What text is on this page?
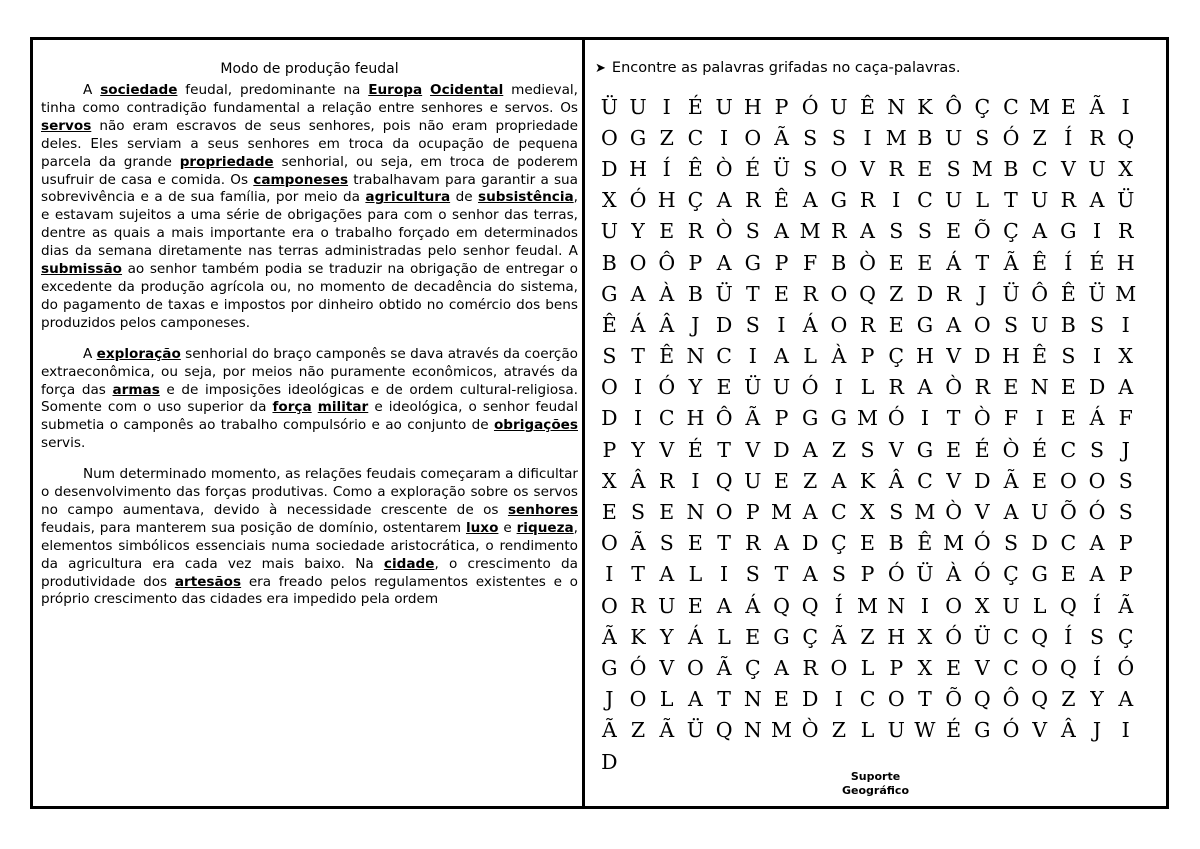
Modo de produção feudal

A sociedade feudal, predominante na Europa Ocidental medieval, tinha como contradição fundamental a relação entre senhores e servos. Os servos não eram escravos de seus senhores, pois não eram propriedade deles. Eles serviam a seus senhores em troca da ocupação de pequena parcela da grande propriedade senhorial, ou seja, em troca de poderem usufruir de casa e comida. Os camponeses trabalhavam para garantir a sua sobrevivência e a de sua família, por meio da agricultura de subsistência, e estavam sujeitos a uma série de obrigações para com o senhor das terras, dentre as quais a mais importante era o trabalho forçado em determinados dias da semana diretamente nas terras administradas pelo senhor feudal. A submissão ao senhor também podia se traduzir na obrigação de entregar o excedente da produção agrícola ou, no momento de decadência do sistema, do pagamento de taxas e impostos por dinheiro obtido no comércio dos bens produzidos pelos camponeses.

A exploração senhorial do braço camponês se dava através da coerção extraeconômica, ou seja, por meios não puramente econômicos, através da força das armas e de imposições ideológicas e de ordem cultural-religiosa. Somente com o uso superior da força militar e ideológica, o senhor feudal submetia o camponês ao trabalho compulsório e ao conjunto de obrigações servis.

Num determinado momento, as relações feudais começaram a dificultar o desenvolvimento das forças produtivas. Como a exploração sobre os servos no campo aumentava, devido à necessidade crescente de os senhores feudais, para manterem sua posição de domínio, ostentarem luxo e riqueza, elementos simbólicos essenciais numa sociedade aristocrática, o rendimento da agricultura era cada vez mais baixo. Na cidade, o crescimento da produtividade dos artesãos era freado pelos regulamentos existentes e o próprio crescimento das cidades era impedido pela ordem

➤ Encontre as palavras grifadas no caça-palavras.
Ü U I É U H P Ó U Ê N K Ô Ç C M E Ã I
O G Z C I O Ã S S I M B U S Ó Z Í R Q
D H Í Ê Ò É Ü S O V R E S M B C V U X
X Ó H Ç A R Ê A G R I C U L T U R A Ü
U Y E R Ò S A M R A S S E Õ Ç A G I R
B O Ô P A G P F B Ò E E Á T Ã Ê Í É H
G A À B Ü T E R O Q Z D R J Ü Ô Ê Ü M
Ê Á Â J D S I Á O R E G A O S U B S I
S T Ê N C I A L À P Ç H V D H Ê S I X
O I Ó Y E Ü U Ó I L R A Ò R E N E D A
D I C H Ô Ã P G G M Ó I T Ò F I E Á F
P Y V É T V D A Z S V G E É Ò É C S J
X Â R I Q U E Z A K Â C V D Ã E O O S
E S E N O P M A C X S M Ò V A U Õ Ó S
O Ã S E T R A D Ç E B Ê M Ó S D C A P
I T A L I S T A S P Ó Ü À Ó Ç G E A P
O R U E A Á Q Q Í M N I O X U L Q Í Ã
Ã K Y Á L E G Ç Ã Z H X Ó Ü C Q Í S Ç
G Ó V O Ã Ç A R O L P X E V C O Q Í Ó
J O L A T N E D I C O T Õ Q Ô Q Z Y A
Ã Z Ã Ü Q N M Ò Z L U W É G Ó V Â J	I
D
Suporte
Geográfico
